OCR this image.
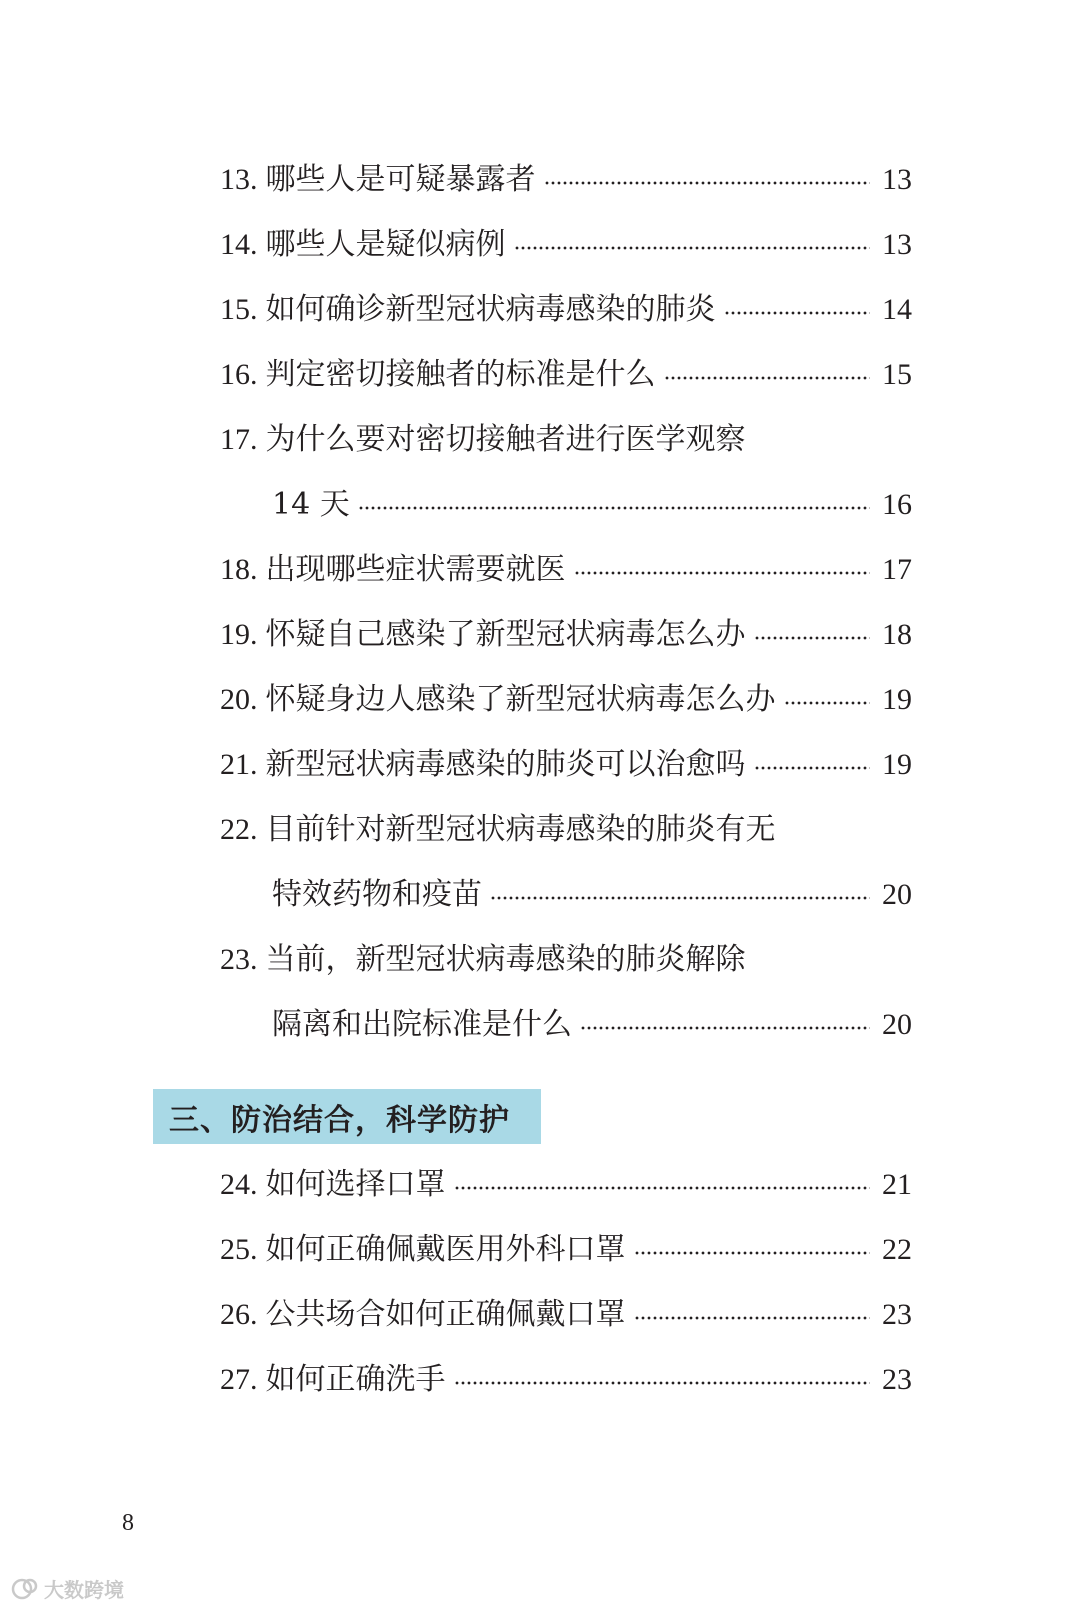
13. 哪些人是可疑暴露者	13
14. 哪些人是疑似病例	13
15. 如何确诊新型冠状病毒感染的肺炎	14
16. 判定密切接触者的标准是什么	15
17. 为什么要对密切接触者进行医学观察
14 天	16
18. 出现哪些症状需要就医	17
19. 怀疑自己感染了新型冠状病毒怎么办	18
20. 怀疑身边人感染了新型冠状病毒怎么办	19
21. 新型冠状病毒感染的肺炎可以治愈吗	19
22. 目前针对新型冠状病毒感染的肺炎有无
特效药物和疫苗	20
23. 当前，新型冠状病毒感染的肺炎解除
隔离和出院标准是什么	20
三、防治结合，科学防护
24. 如何选择口罩	21
25. 如何正确佩戴医用外科口罩	22
26. 公共场合如何正确佩戴口罩	23
27. 如何正确洗手	23
8
大数跨境
